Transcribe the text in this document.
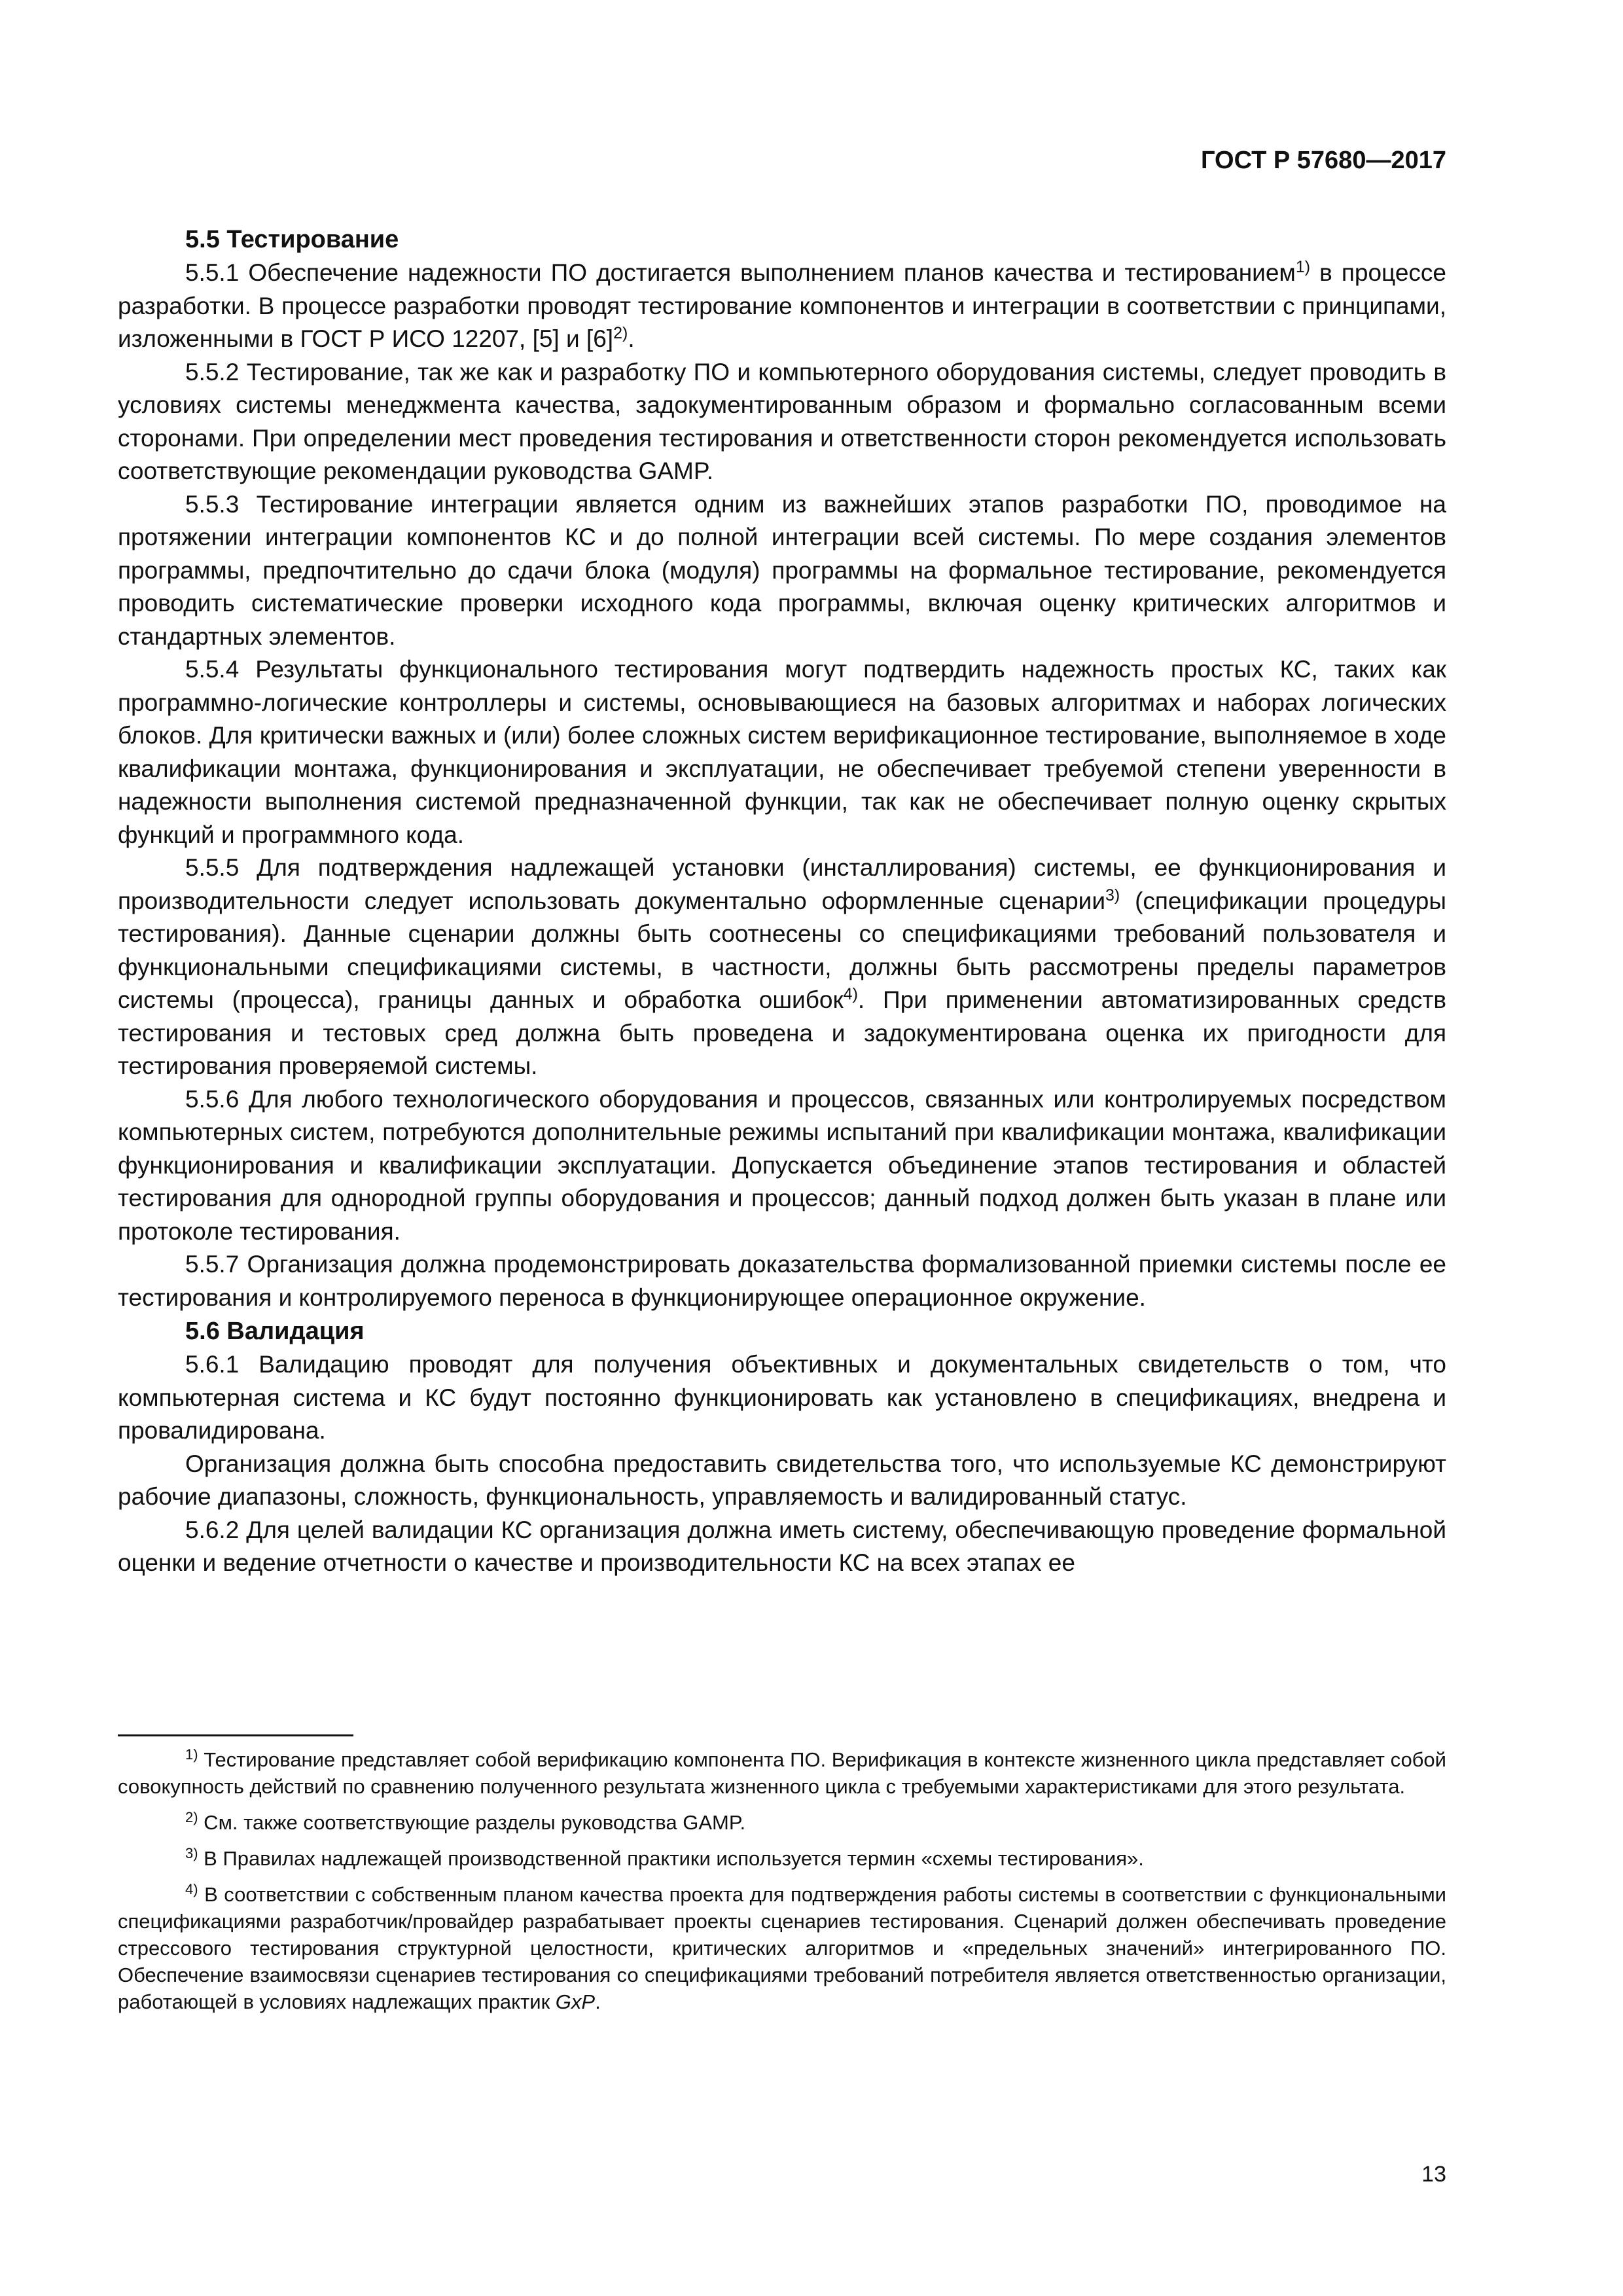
ГОСТ Р 57680—2017

5.5 Тестирование

5.5.1 Обеспечение надежности ПО достигается выполнением планов качества и тестированием$^{1)}$ в процессе разработки. В процессе разработки проводят тестирование компонентов и интеграции в соответствии с принципами, изложенными в ГОСТ Р ИСО 12207, [5] и $[6]^{2)}$.

5.5.2 Тестирование, так же как и разработку ПО и компьютерного оборудования системы, следует проводить в условиях системы менеджмента качества, задокументированным образом и формально согласованным всеми сторонами. При определении мест проведения тестирования и ответственности сторон рекомендуется использовать соответствующие рекомендации руководства GAMP.

5.5.3 Тестирование интеграции является одним из важнейших этапов разработки ПО, проводимое на протяжении интеграции компонентов КС и до полной интеграции всей системы. По мере создания элементов программы, предпочтительно до сдачи блока (модуля) программы на формальное тестирование, рекомендуется проводить систематические проверки исходного кода программы, включая оценку критических алгоритмов и стандартных элементов.

5.5.4 Результаты функционального тестирования могут подтвердить надежность простых КС, таких как программно-логические контроллеры и системы, основывающиеся на базовых алгоритмах и наборах логических блоков. Для критически важных и (или) более сложных систем верификационное тестирование, выполняемое в ходе квалификации монтажа, функционирования и эксплуатации, не обеспечивает требуемой степени уверенности в надежности выполнения системой предназначенной функции, так как не обеспечивает полную оценку скрытых функций и программного кода.

5.5.5 Для подтверждения надлежащей установки (инсталлирования) системы, ее функционирования и производительности следует использовать документально оформленные сценарии$^{3)}$ (спецификации процедуры тестирования). Данные сценарии должны быть соотнесены со спецификациями требований пользователя и функциональными спецификациями системы, в частности, должны быть рассмотрены пределы параметров системы (процесса), границы данных и обработка ошибок$^{4)}$. При применении автоматизированных средств тестирования и тестовых сред должна быть проведена и задокументирована оценка их пригодности для тестирования проверяемой системы.

5.5.6 Для любого технологического оборудования и процессов, связанных или контролируемых посредством компьютерных систем, потребуются дополнительные режимы испытаний при квалификации монтажа, квалификации функционирования и квалификации эксплуатации. Допускается объединение этапов тестирования и областей тестирования для однородной группы оборудования и процессов; данный подход должен быть указан в плане или протоколе тестирования.

5.5.7 Организация должна продемонстрировать доказательства формализованной приемки системы после ее тестирования и контролируемого переноса в функционирующее операционное окружение.

5.6 Валидация

5.6.1 Валидацию проводят для получения объективных и документальных свидетельств о том, что компьютерная система и КС будут постоянно функционировать как установлено в спецификациях, внедрена и провалидирована.

Организация должна быть способна предоставить свидетельства того, что используемые КС демонстрируют рабочие диапазоны, сложность, функциональность, управляемость и валидированный статус.

5.6.2 Для целей валидации КС организация должна иметь систему, обеспечивающую проведение формальной оценки и ведение отчетности о качестве и производительности КС на всех этапах ее

$^{1)}$ Тестирование представляет собой верификацию компонента ПО. Верификация в контексте жизненного цикла представляет собой совокупность действий по сравнению полученного результата жизненного цикла с требуемыми характеристиками для этого результата.

$^{2)}$ См. также соответствующие разделы руководства GAMP.

$^{3)}$ В Правилах надлежащей производственной практики используется термин «схемы тестирования».

$^{4)}$ В соответствии с собственным планом качества проекта для подтверждения работы системы в соответствии с функциональными спецификациями разработчик/провайдер разрабатывает проекты сценариев тестирования. Сценарий должен обеспечивать проведение стрессового тестирования структурной целостности, критических алгоритмов и «предельных значений» интегрированного ПО. Обеспечение взаимосвязи сценариев тестирования со спецификациями требований потребителя является ответственностью организации, работающей в условиях надлежащих практик GxP.

13
